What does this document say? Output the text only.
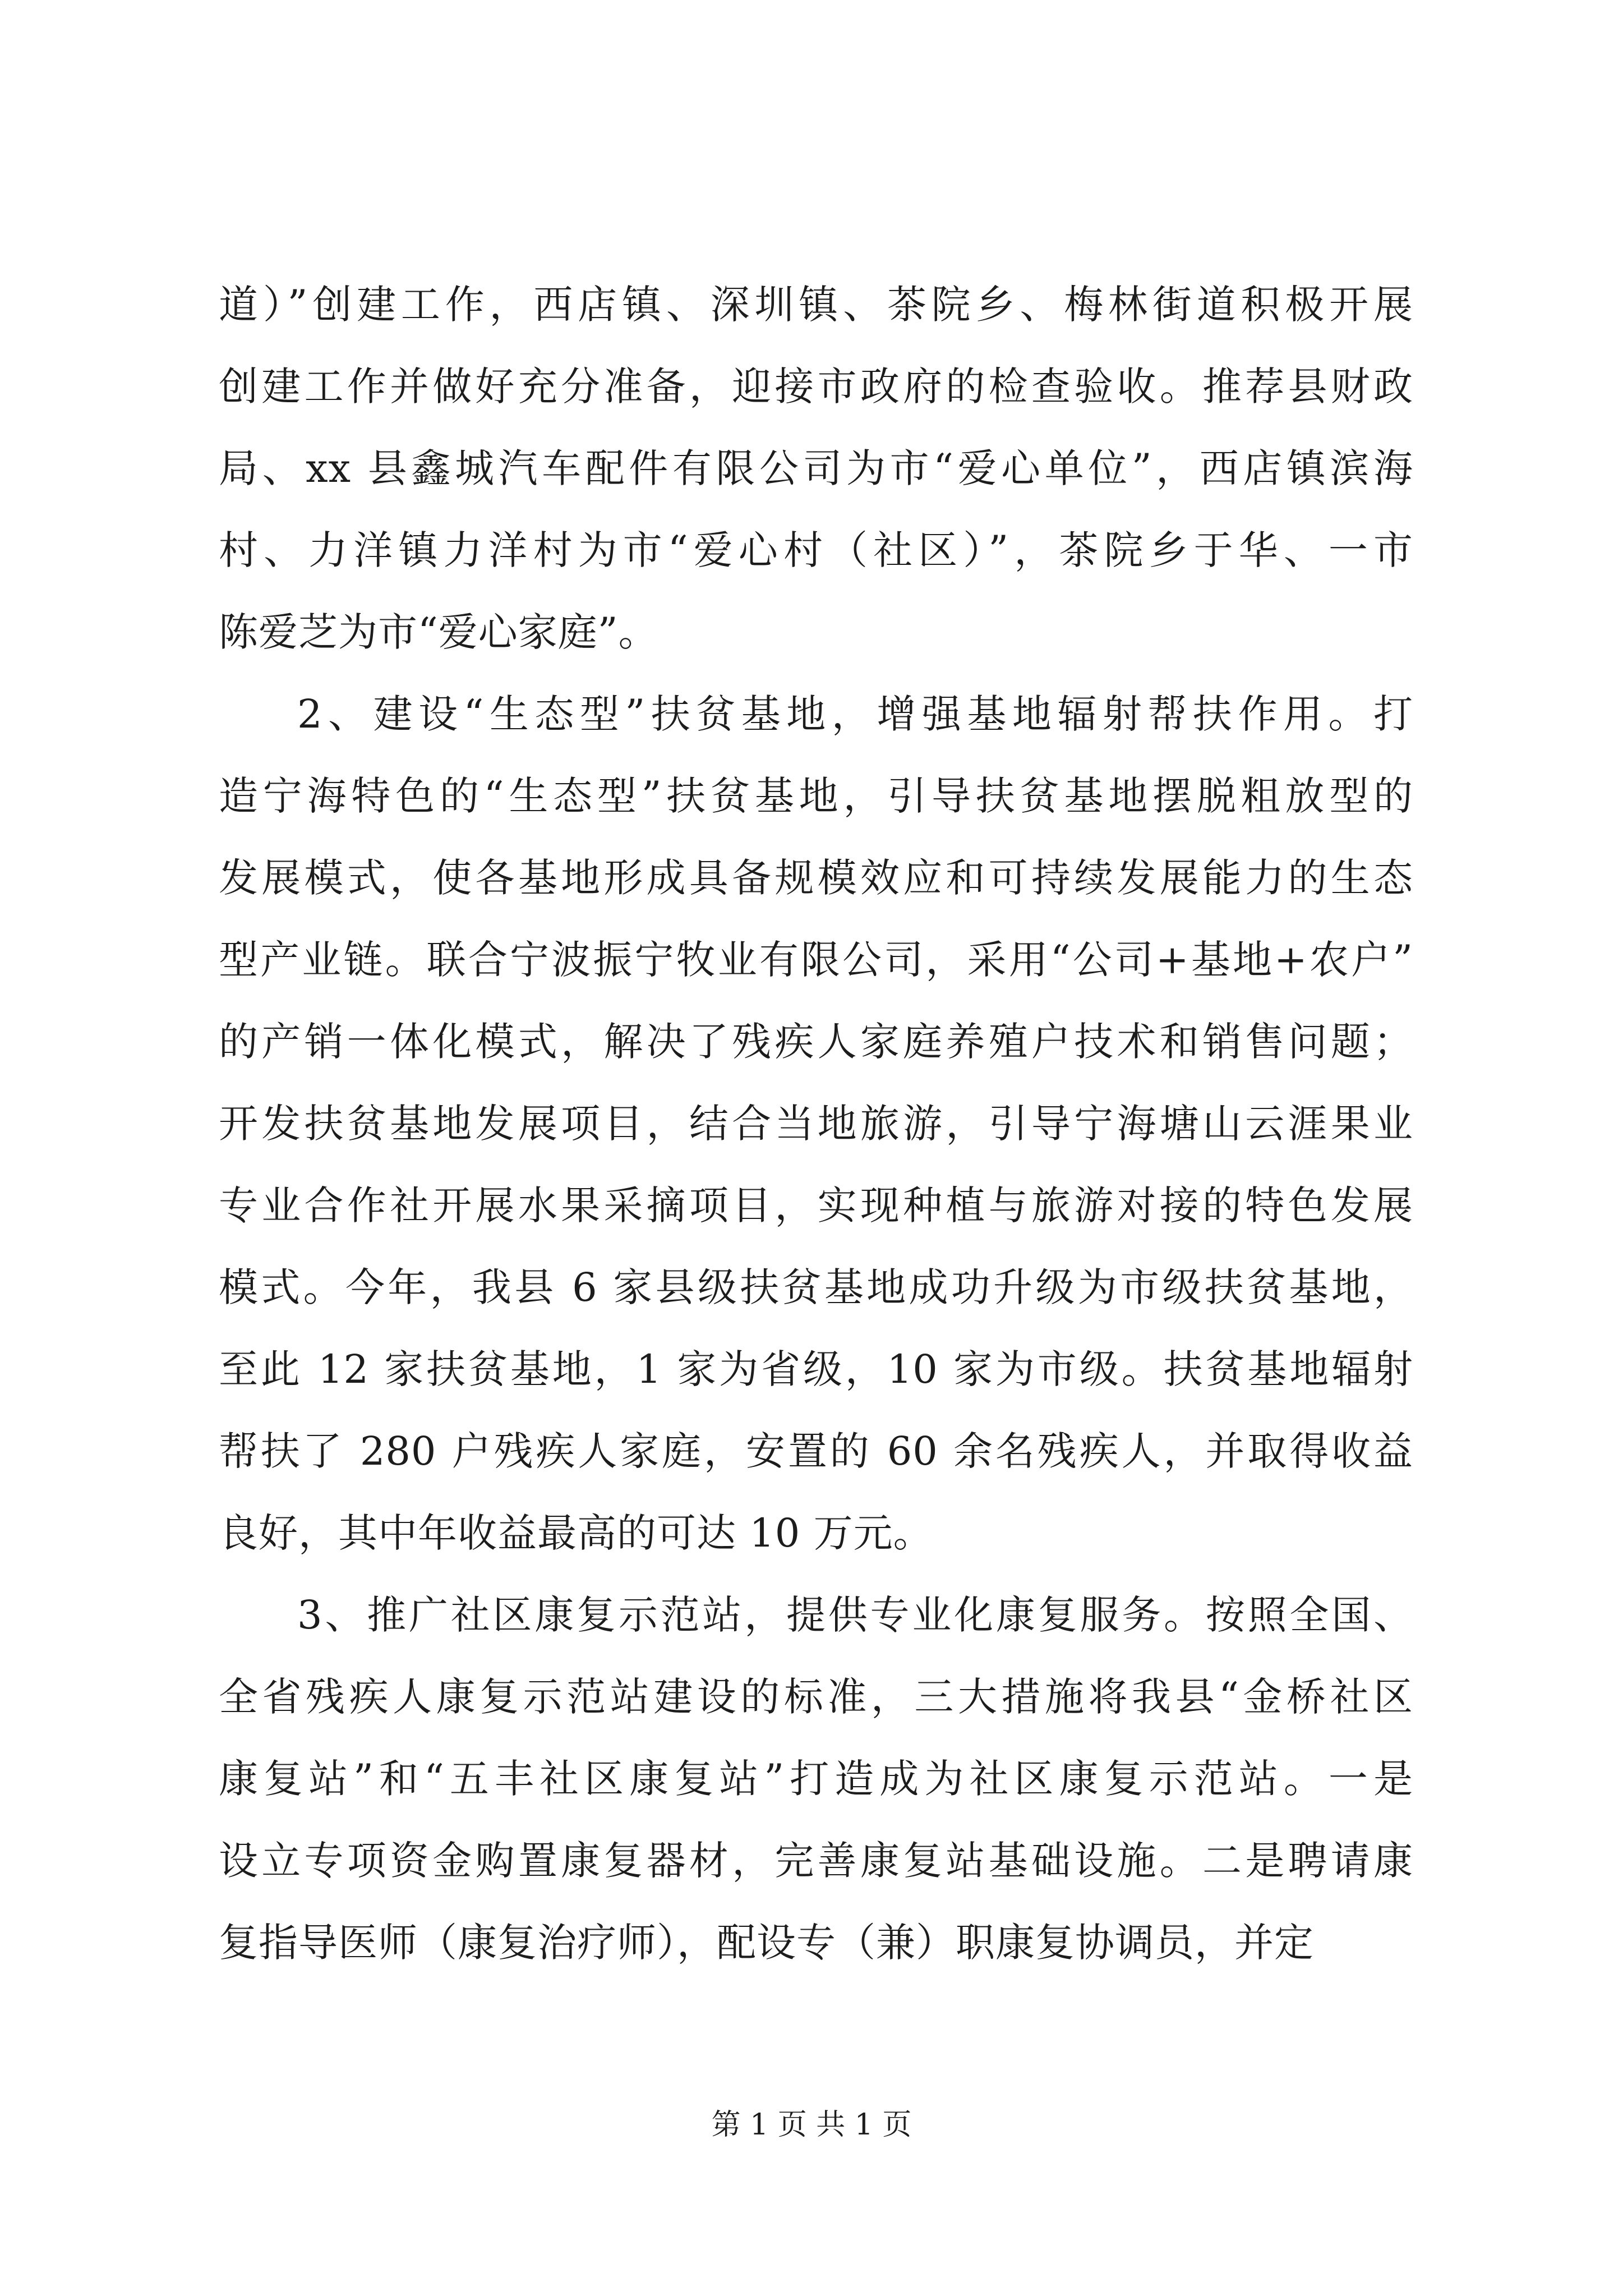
道）”创建工作，西店镇、深圳镇、茶院乡、梅林街道积极开展
创建工作并做好充分准备，迎接市政府的检查验收。推荐县财政
局、xx 县鑫城汽车配件有限公司为市“爱心单位”，西店镇滨海
村、力洋镇力洋村为市“爱心村（社区）”，茶院乡于华、一市
陈爱芝为市“爱心家庭”。

2、建设“生态型”扶贫基地，增强基地辐射帮扶作用。打
造宁海特色的“生态型”扶贫基地，引导扶贫基地摆脱粗放型的
发展模式，使各基地形成具备规模效应和可持续发展能力的生态
型产业链。联合宁波振宁牧业有限公司，采用“公司+基地+农户”
的产销一体化模式，解决了残疾人家庭养殖户技术和销售问题；
开发扶贫基地发展项目，结合当地旅游，引导宁海塘山云涯果业
专业合作社开展水果采摘项目，实现种植与旅游对接的特色发展
模式。今年，我县 6 家县级扶贫基地成功升级为市级扶贫基地，
至此 12 家扶贫基地，1 家为省级，10 家为市级。扶贫基地辐射
帮扶了 280 户残疾人家庭，安置的 60 余名残疾人，并取得收益
良好，其中年收益最高的可达 10 万元。

3、推广社区康复示范站，提供专业化康复服务。按照全国、
全省残疾人康复示范站建设的标准，三大措施将我县“金桥社区
康复站”和“五丰社区康复站”打造成为社区康复示范站。一是
设立专项资金购置康复器材，完善康复站基础设施。二是聘请康
复指导医师（康复治疗师），配设专（兼）职康复协调员，并定

第 1 页 共 1 页
